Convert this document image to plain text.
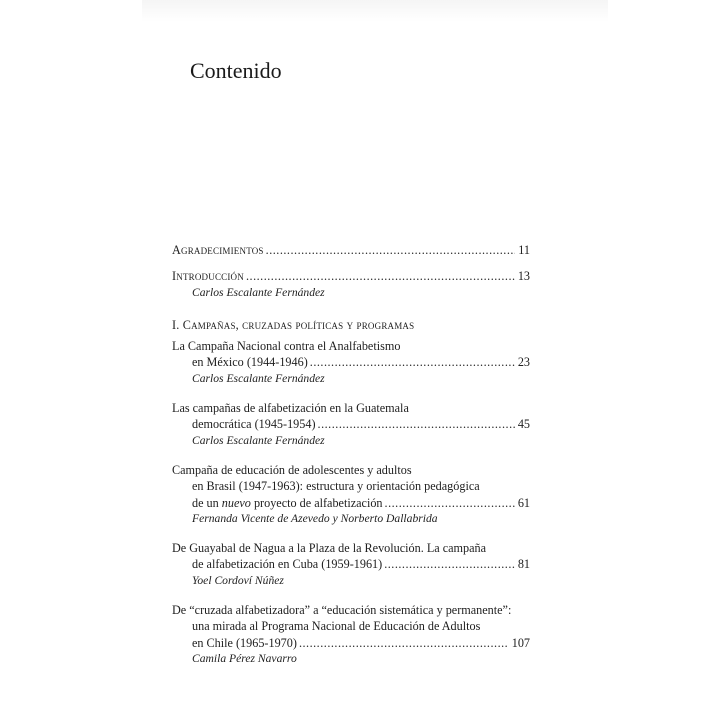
Contenido
Agradecimientos .....	11
Introducción .....	13
Carlos Escalante Fernández
I. Campañas, cruzadas políticas y programas
La Campaña Nacional contra el Analfabetismo
en México (1944-1946) .....	23
Carlos Escalante Fernández
Las campañas de alfabetización en la Guatemala
democrática (1945-1954) .....	45
Carlos Escalante Fernández
Campaña de educación de adolescentes y adultos
en Brasil (1947-1963): estructura y orientación pedagógica
de un nuevo proyecto de alfabetización .....	61
Fernanda Vicente de Azevedo y Norberto Dallabrida
De Guayabal de Nagua a la Plaza de la Revolución. La campaña
de alfabetización en Cuba (1959-1961) .....	81
Yoel Cordoví Núñez
De “cruzada alfabetizadora” a “educación sistemática y permanente”:
una mirada al Programa Nacional de Educación de Adultos
en Chile (1965-1970) .....	107
Camila Pérez Navarro
